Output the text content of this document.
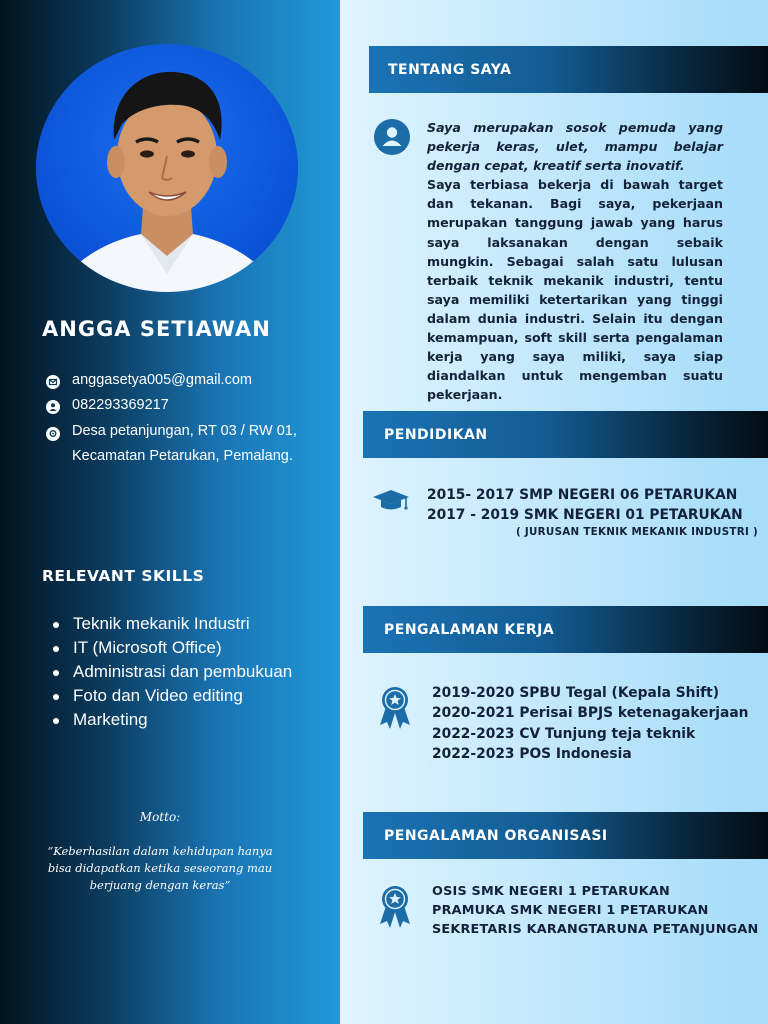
ANGGA SETIAWAN
anggasetya005@gmail.com
082293369217
Desa petanjungan, RT 03 / RW 01,
Kecamatan Petarukan, Pemalang.
RELEVANT SKILLS
Teknik mekanik Industri
IT (Microsoft Office)
Administrasi dan pembukuan
Foto dan Video editing
Marketing
Motto:
“Keberhasilan dalam kehidupan hanya
bisa didapatkan ketika seseorang mau
berjuang dengan keras”
TENTANG SAYA

Saya merupakan sosok pemuda yang pekerja keras, ulet, mampu belajar dengan cepat, kreatif serta inovatif.

Saya terbiasa bekerja di bawah target dan tekanan. Bagi saya, pekerjaan merupakan tanggung jawab yang harus saya laksanakan dengan sebaik mungkin. Sebagai salah satu lulusan terbaik teknik mekanik industri, tentu saya memiliki ketertarikan yang tinggi dalam dunia industri. Selain itu dengan kemampuan, soft skill serta pengalaman kerja yang saya miliki, saya siap diandalkan untuk mengemban suatu pekerjaan.

PENDIDIKAN
2015- 2017 SMP NEGERI 06 PETARUKAN
2017 - 2019 SMK NEGERI 01 PETARUKAN
( JURUSAN TEKNIK MEKANIK INDUSTRI )
PENGALAMAN KERJA
2019-2020 SPBU Tegal (Kepala Shift)
2020-2021 Perisai BPJS ketenagakerjaan
2022-2023 CV Tunjung teja teknik
2022-2023 POS Indonesia
PENGALAMAN ORGANISASI
OSIS SMK NEGERI 1 PETARUKAN
PRAMUKA SMK NEGERI 1 PETARUKAN
SEKRETARIS KARANGTARUNA PETANJUNGAN
